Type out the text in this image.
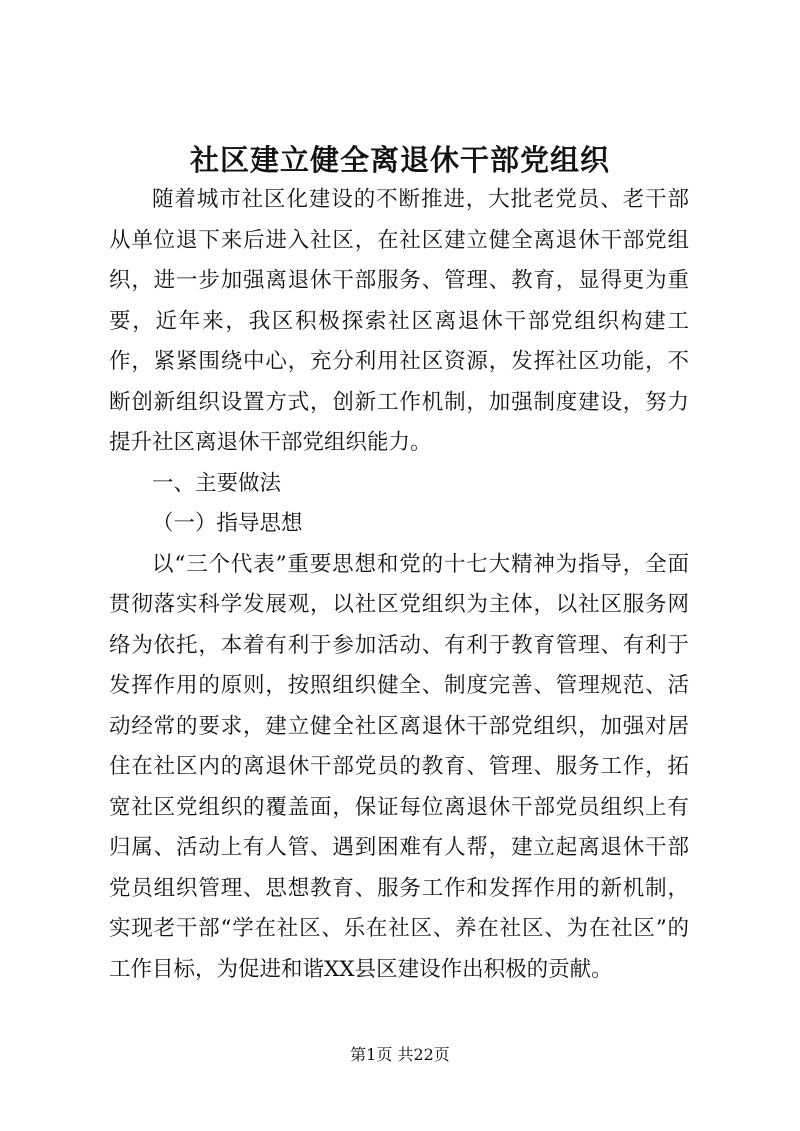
社区建立健全离退休干部党组织

随着城市社区化建设的不断推进，大批老党员、老干部从单位退下来后进入社区，在社区建立健全离退休干部党组织，进一步加强离退休干部服务、管理、教育，显得更为重要，近年来，我区积极探索社区离退休干部党组织构建工作，紧紧围绕中心，充分利用社区资源，发挥社区功能，不断创新组织设置方式，创新工作机制，加强制度建设，努力提升社区离退休干部党组织能力。

一、主要做法

（一）指导思想

以“三个代表”重要思想和党的十七大精神为指导，全面贯彻落实科学发展观，以社区党组织为主体，以社区服务网络为依托，本着有利于参加活动、有利于教育管理、有利于发挥作用的原则，按照组织健全、制度完善、管理规范、活动经常的要求，建立健全社区离退休干部党组织，加强对居住在社区内的离退休干部党员的教育、管理、服务工作，拓宽社区党组织的覆盖面，保证每位离退休干部党员组织上有归属、活动上有人管、遇到困难有人帮，建立起离退休干部党员组织管理、思想教育、服务工作和发挥作用的新机制，实现老干部“学在社区、乐在社区、养在社区、为在社区”的工作目标，为促进和谐XX县区建设作出积极的贡献。

第1页 共22页
